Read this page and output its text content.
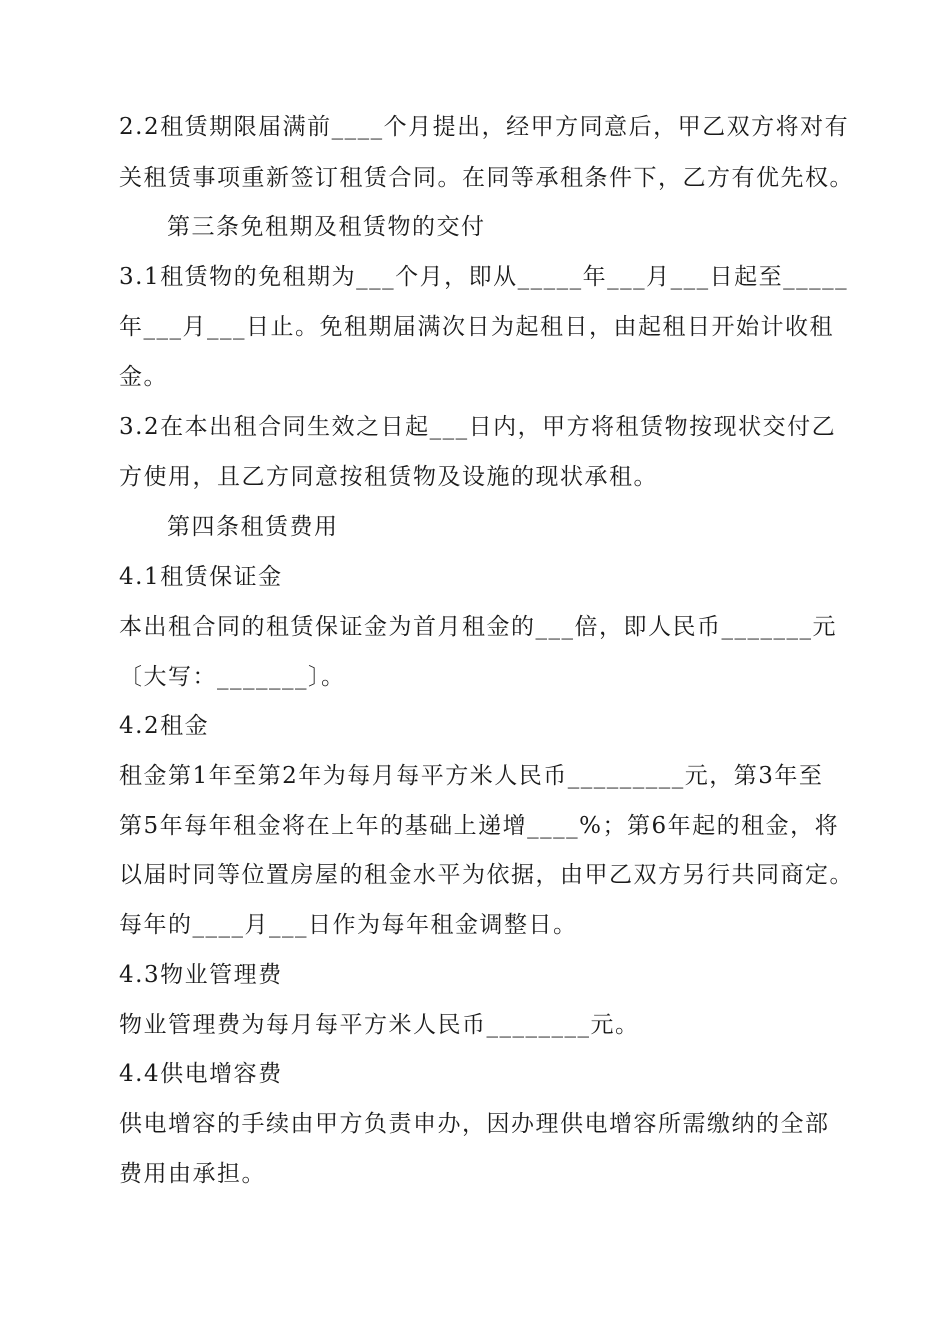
2.2租赁期限届满前____个月提出，经甲方同意后，甲乙双方将对有
关租赁事项重新签订租赁合同。在同等承租条件下，乙方有优先权。
第三条免租期及租赁物的交付
3.1租赁物的免租期为___个月，即从_____年___月___日起至_____
年___月___日止。免租期届满次日为起租日，由起租日开始计收租
金。
3.2在本出租合同生效之日起___日内，甲方将租赁物按现状交付乙
方使用，且乙方同意按租赁物及设施的现状承租。
第四条租赁费用
4.1租赁保证金
本出租合同的租赁保证金为首月租金的___倍，即人民币_______元
〔大写：_______〕。
4.2租金
租金第1年至第2年为每月每平方米人民币_________元，第3年至
第5年每年租金将在上年的基础上递增____%；第6年起的租金，将
以届时同等位置房屋的租金水平为依据，由甲乙双方另行共同商定。
每年的____月___日作为每年租金调整日。
4.3物业管理费
物业管理费为每月每平方米人民币________元。
4.4供电增容费
供电增容的手续由甲方负责申办，因办理供电增容所需缴纳的全部
费用由承担。
